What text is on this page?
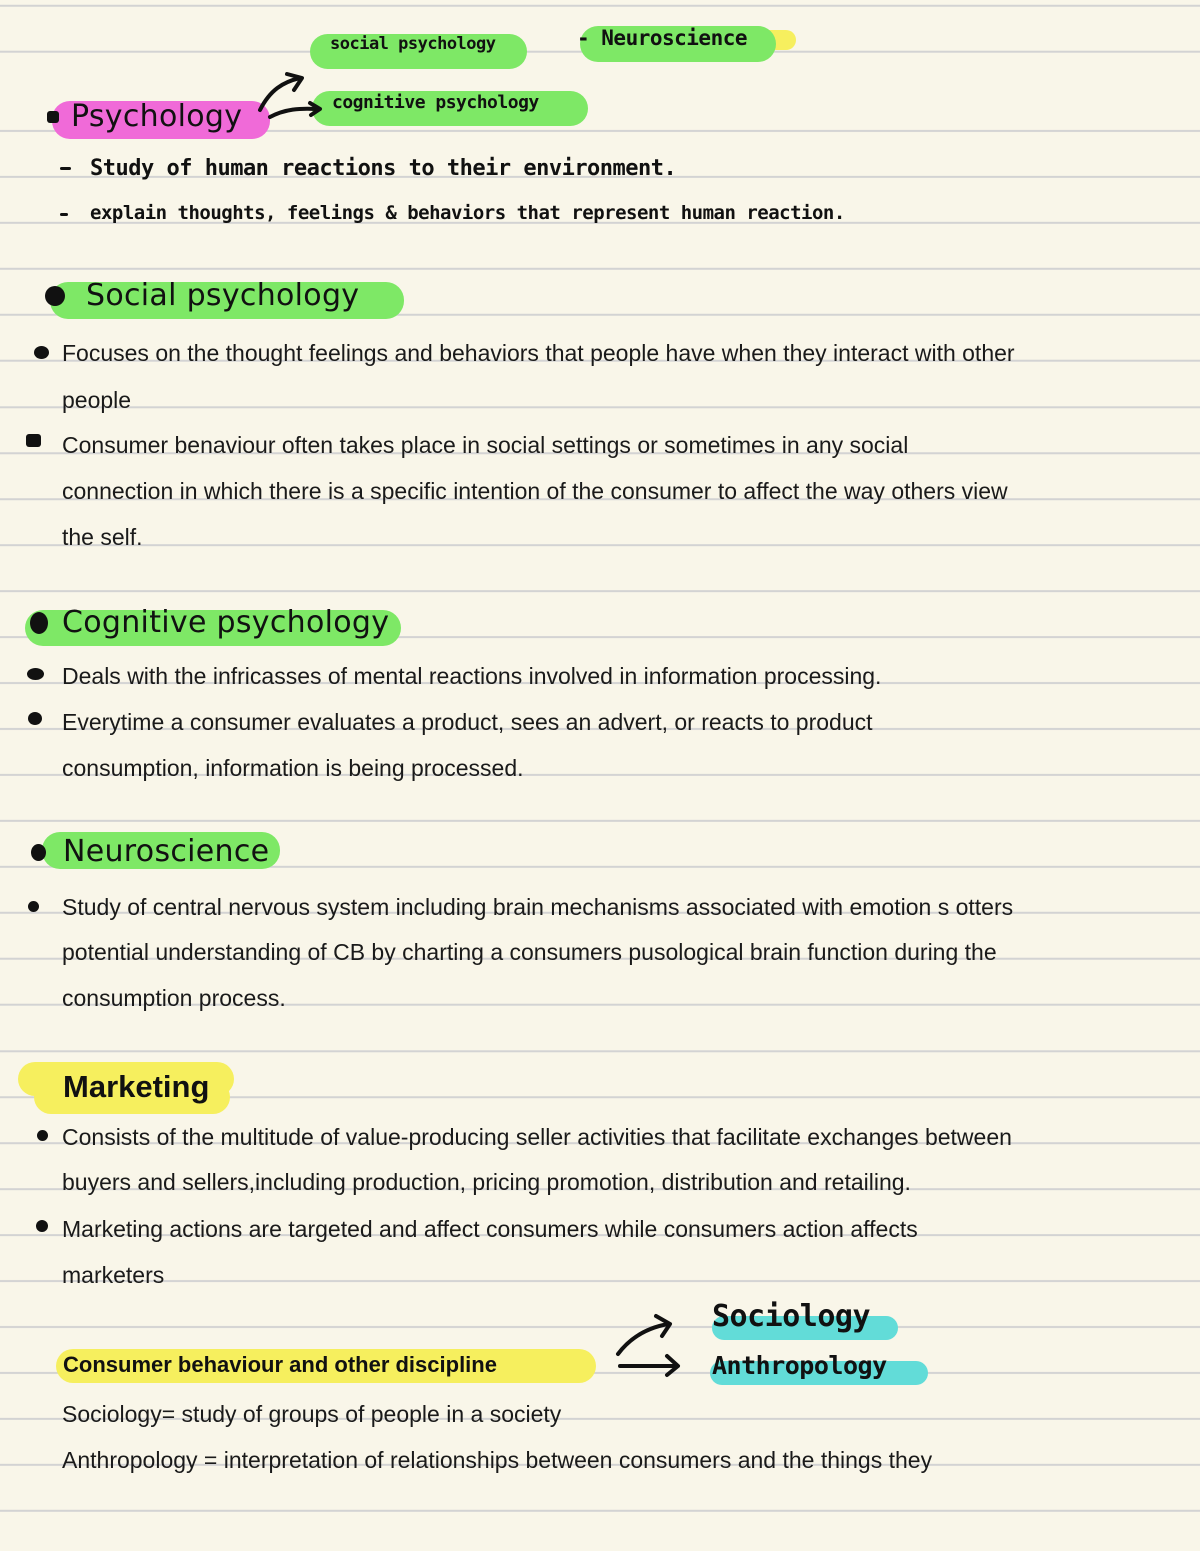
social psychology	- Neuroscience
cognitive psychology
Psychology
Study of human reactions to their environment.
explain thoughts, feelings & behaviors that represent human reaction.
Social psychology
Focuses on the thought feelings and behaviors that people have when they interact with other
people
Consumer benaviour often takes place in social settings or sometimes in any social
connection in which there is a specific intention of the consumer to affect the way others view
the self.
Cognitive psychology
Deals with the infricasses of mental reactions involved in information processing.
Everytime a consumer evaluates a product, sees an advert, or reacts to product
consumption, information is being processed.
Neuroscience
Study of central nervous system including brain mechanisms associated with emotion s otters
potential understanding of CB by charting a consumers pusological brain function during the
consumption process.
Marketing
Consists of the multitude of value-producing seller activities that facilitate exchanges between
buyers and sellers,including production, pricing promotion, distribution and retailing.
Marketing actions are targeted and affect consumers while consumers action affects
marketers
Consumer behaviour and other discipline
Sociology
Anthropology
Sociology= study of groups of people in a society
Anthropology = interpretation of relationships between consumers and the things they
